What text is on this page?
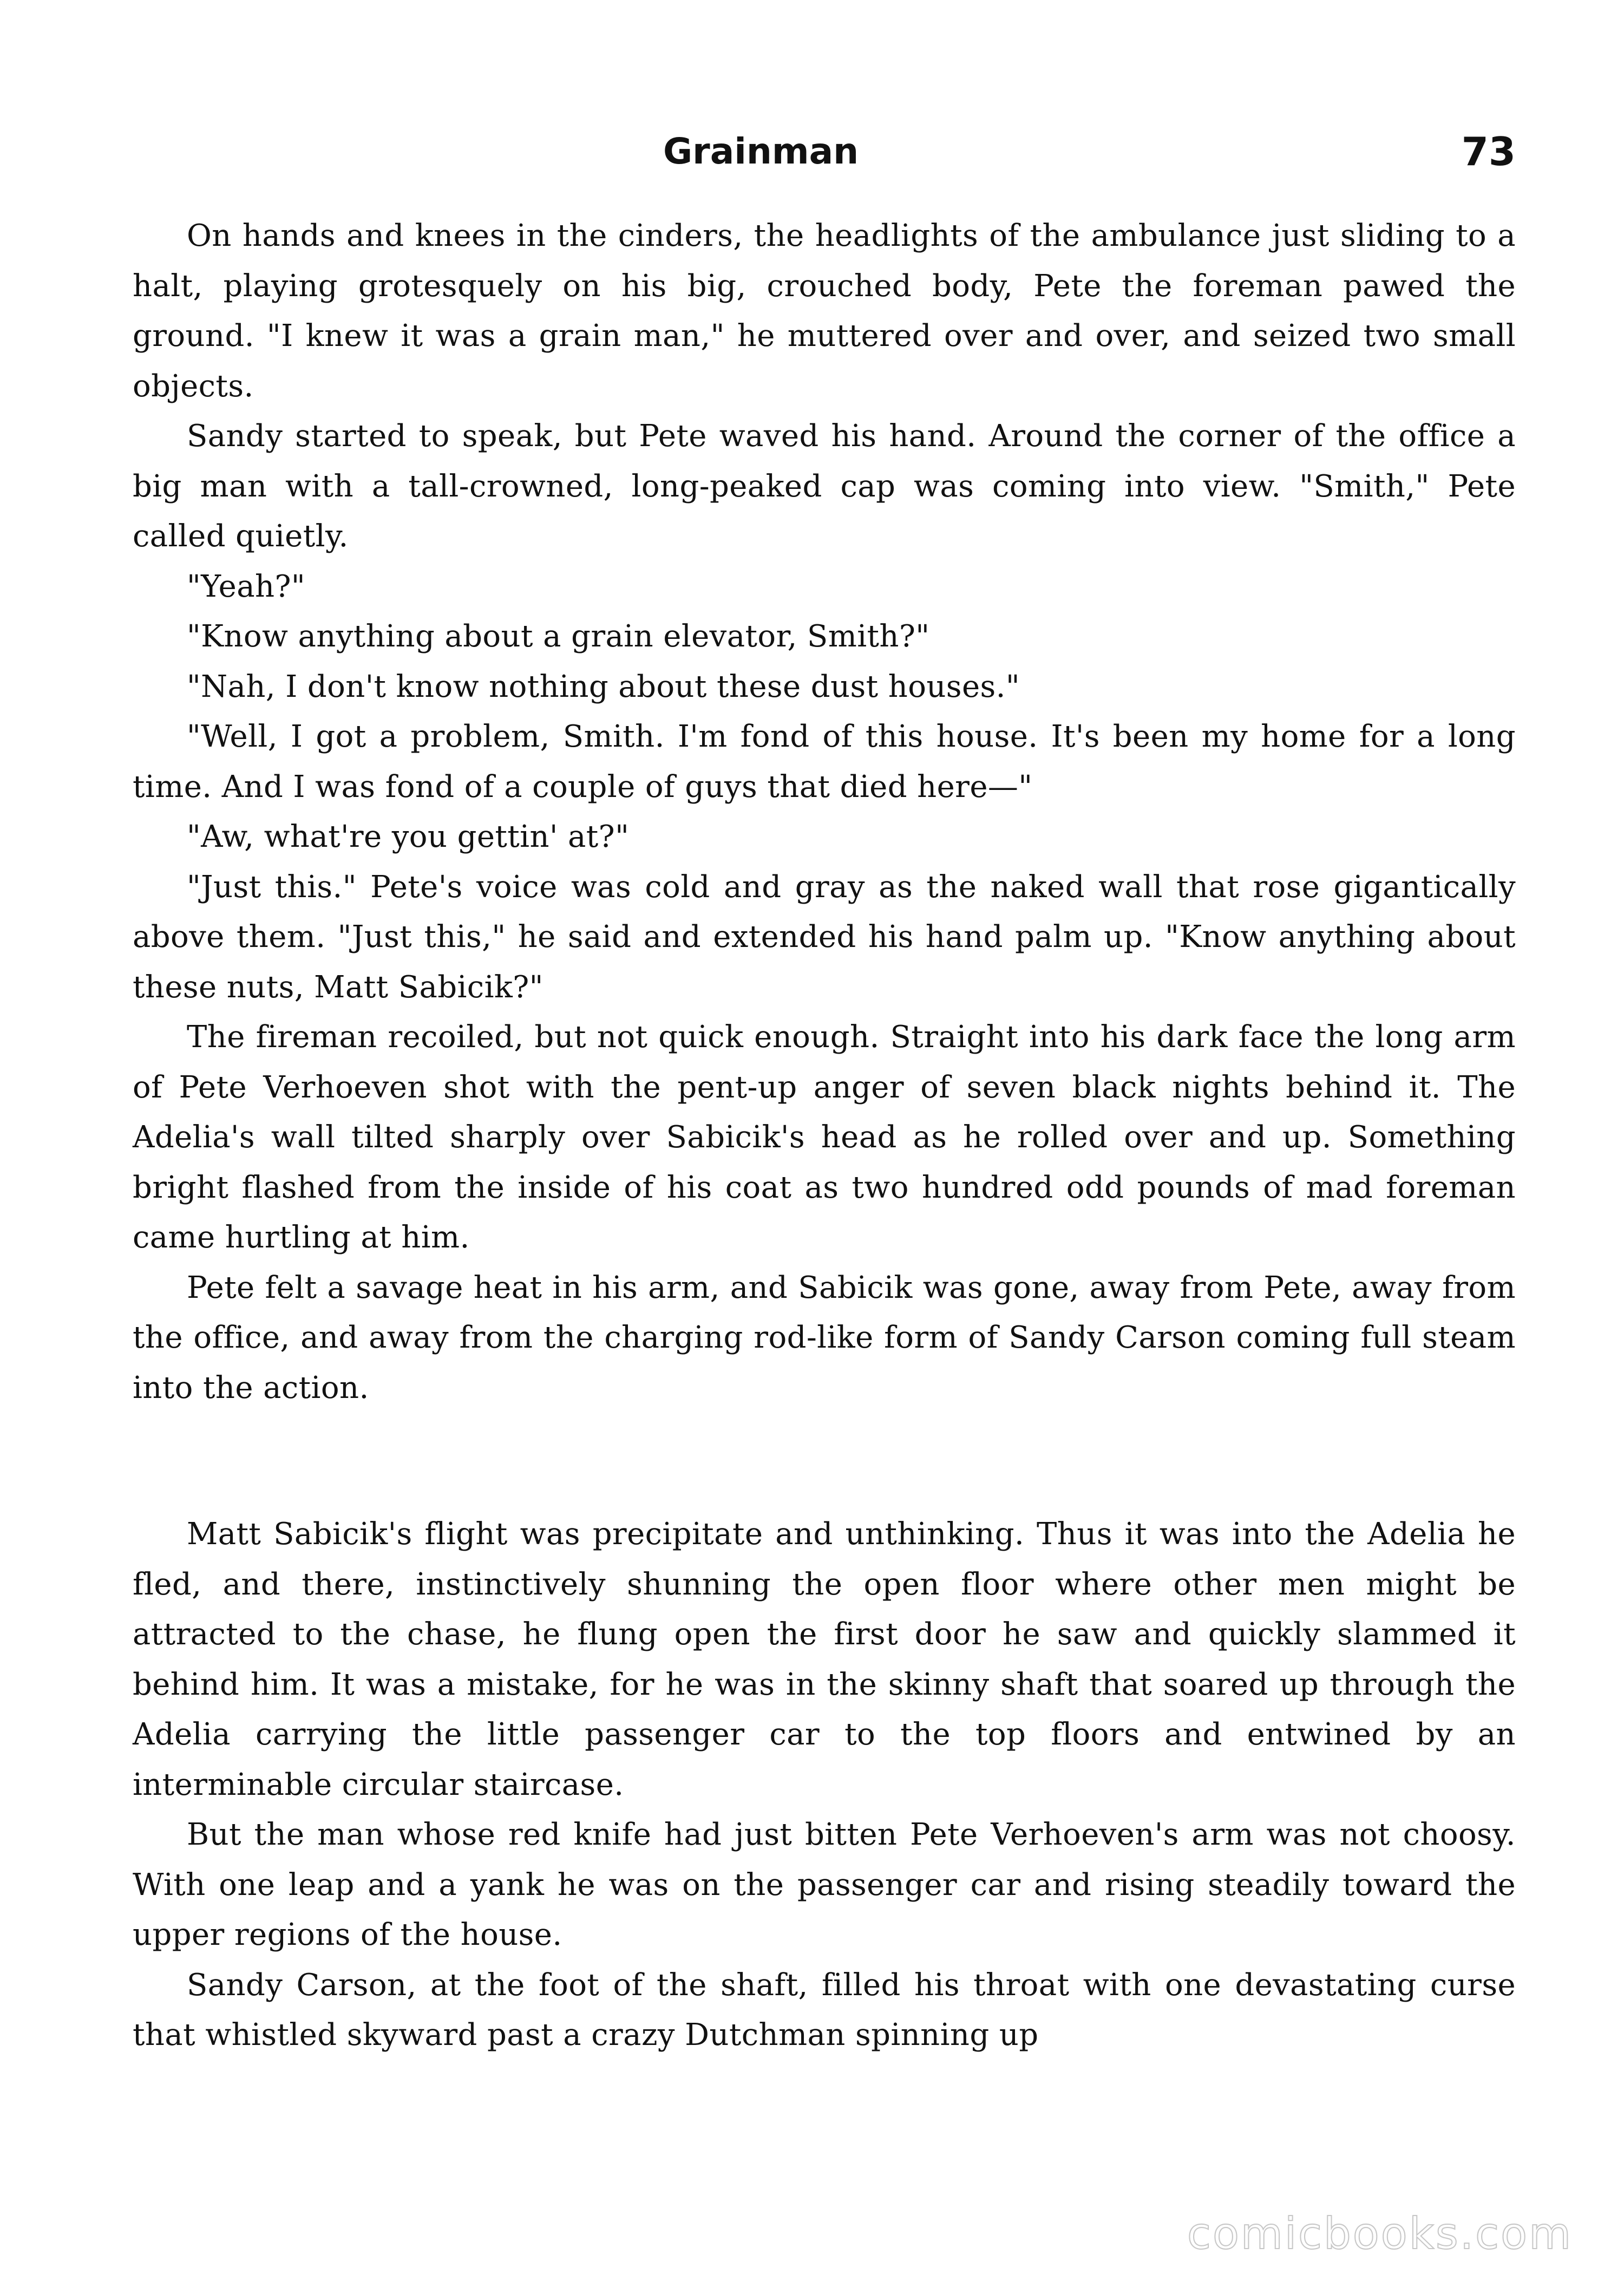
Grainman	73

On hands and knees in the cinders, the headlights of the ambulance just sliding to a halt, playing grotesquely on his big, crouched body, Pete the foreman pawed the ground. "I knew it was a grain man," he muttered over and over, and seized two small objects.

Sandy started to speak, but Pete waved his hand. Around the corner of the office a big man with a tall-crowned, long-peaked cap was coming into view. "Smith," Pete called quietly.

"Yeah?"

"Know anything about a grain elevator, Smith?"

"Nah, I don't know nothing about these dust houses."

"Well, I got a problem, Smith. I'm fond of this house. It's been my home for a long time. And I was fond of a couple of guys that died here—"

"Aw, what're you gettin' at?"

"Just this." Pete's voice was cold and gray as the naked wall that rose gigantically above them. "Just this," he said and extended his hand palm up. "Know anything about these nuts, Matt Sabicik?"

The fireman recoiled, but not quick enough. Straight into his dark face the long arm of Pete Verhoeven shot with the pent-up anger of seven black nights behind it. The Adelia's wall tilted sharply over Sabicik's head as he rolled over and up. Something bright flashed from the inside of his coat as two hundred odd pounds of mad foreman came hurtling at him.

Pete felt a savage heat in his arm, and Sabicik was gone, away from Pete, away from the office, and away from the charging rod-like form of Sandy Carson coming full steam into the action.

Matt Sabicik's flight was precipitate and unthinking. Thus it was into the Adelia he fled, and there, instinctively shunning the open floor where other men might be attracted to the chase, he flung open the first door he saw and quickly slammed it behind him. It was a mistake, for he was in the skinny shaft that soared up through the Adelia carrying the little passenger car to the top floors and entwined by an interminable circular staircase.

But the man whose red knife had just bitten Pete Verhoeven's arm was not choosy. With one leap and a yank he was on the passenger car and rising steadily toward the upper regions of the house.

Sandy Carson, at the foot of the shaft, filled his throat with one devastating curse that whistled skyward past a crazy Dutchman spinning up

comicbooks.com
